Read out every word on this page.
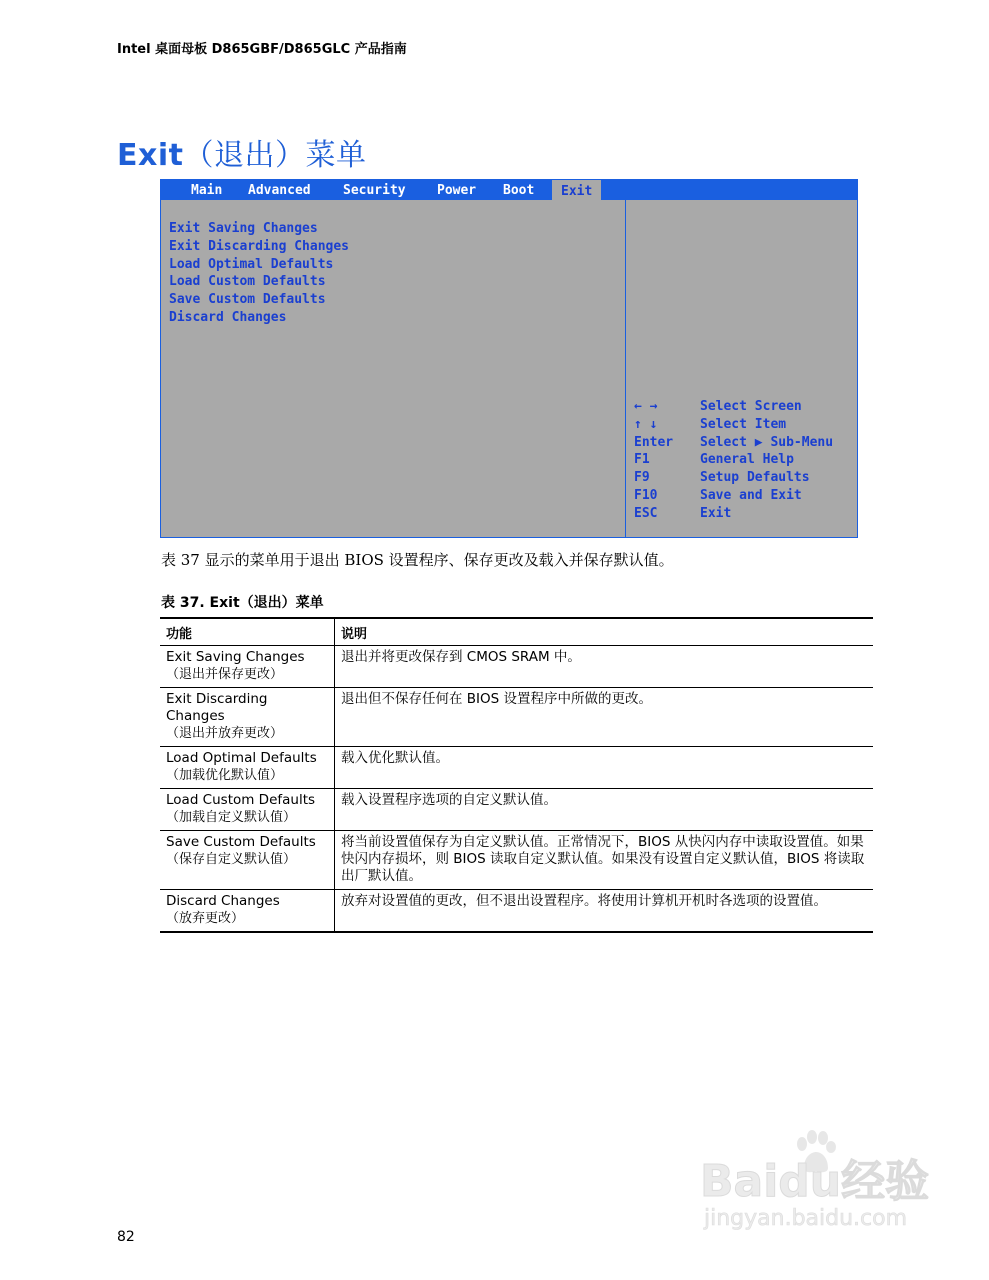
Intel 桌面母板 D865GBF/D865GLC 产品指南
Exit（退出）菜单
Main Advanced Security Power Boot	Exit
Exit Saving Changes
Exit Discarding Changes
Load Optimal Defaults
Load Custom Defaults
Save Custom Defaults
Discard Changes
← →	Select Screen
↑ ↓	Select Item
Enter	Select ▶ Sub-Menu
F1	General Help
F9	Setup Defaults
F10	Save and Exit
ESC	Exit
表 37 显示的菜单用于退出 BIOS 设置程序、保存更改及载入并保存默认值。
表 37. Exit（退出）菜单
功能	说明
Exit Saving Changes
（退出并保存更改）	退出并将更改保存到 CMOS SRAM 中。
Exit Discarding Changes
（退出并放弃更改）	退出但不保存任何在 BIOS 设置程序中所做的更改。
Load Optimal Defaults
（加载优化默认值）	载入优化默认值。
Load Custom Defaults
（加载自定义默认值）	载入设置程序选项的自定义默认值。
Save Custom Defaults
（保存自定义默认值）	将当前设置值保存为自定义默认值。正常情况下，BIOS 从快闪内存中读取设置值。如果快闪内存损坏，则 BIOS 读取自定义默认值。如果没有设置自定义默认值，BIOS 将读取出厂默认值。
Discard Changes
（放弃更改）	放弃对设置值的更改，但不退出设置程序。将使用计算机开机时各选项的设置值。
82
Baidu经验
jingyan.baidu.com
